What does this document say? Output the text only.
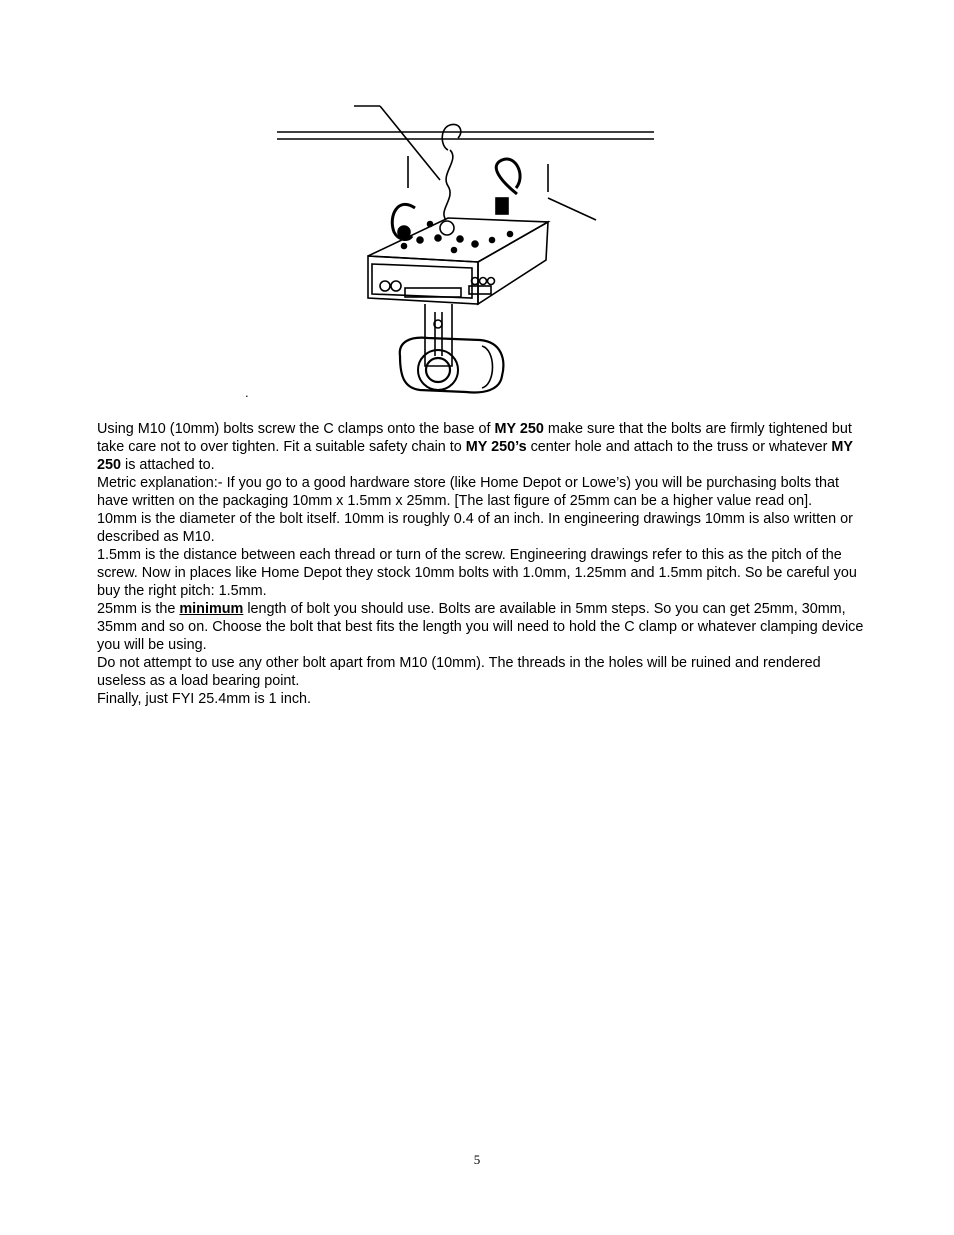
.

Using M10 (10mm) bolts screw the C clamps onto the base of MY 250 make sure that the bolts are firmly tightened but take care not to over tighten. Fit a suitable safety chain to MY 250’s center hole and attach to the truss or whatever MY 250 is attached to.

Metric explanation:- If you go to a good hardware store (like Home Depot or Lowe’s) you will be purchasing bolts that have written on the packaging 10mm x 1.5mm x 25mm. [The last figure of 25mm can be a higher value read on].

10mm is the diameter of the bolt itself. 10mm is roughly 0.4 of an inch. In engineering drawings 10mm is also written or described as M10.

1.5mm is the distance between each thread or turn of the screw. Engineering drawings refer to this as the pitch of the screw. Now in places like Home Depot they stock 10mm bolts with 1.0mm, 1.25mm and 1.5mm pitch. So be careful you buy the right pitch: 1.5mm.

25mm is the minimum length of bolt you should use. Bolts are available in 5mm steps. So you can get 25mm, 30mm, 35mm and so on. Choose the bolt that best fits the length you will need to hold the C clamp or whatever clamping device you will be using.

Do not attempt to use any other bolt apart from M10 (10mm). The threads in the holes will be ruined and rendered useless as a load bearing point.

Finally, just FYI 25.4mm is 1 inch.

5
